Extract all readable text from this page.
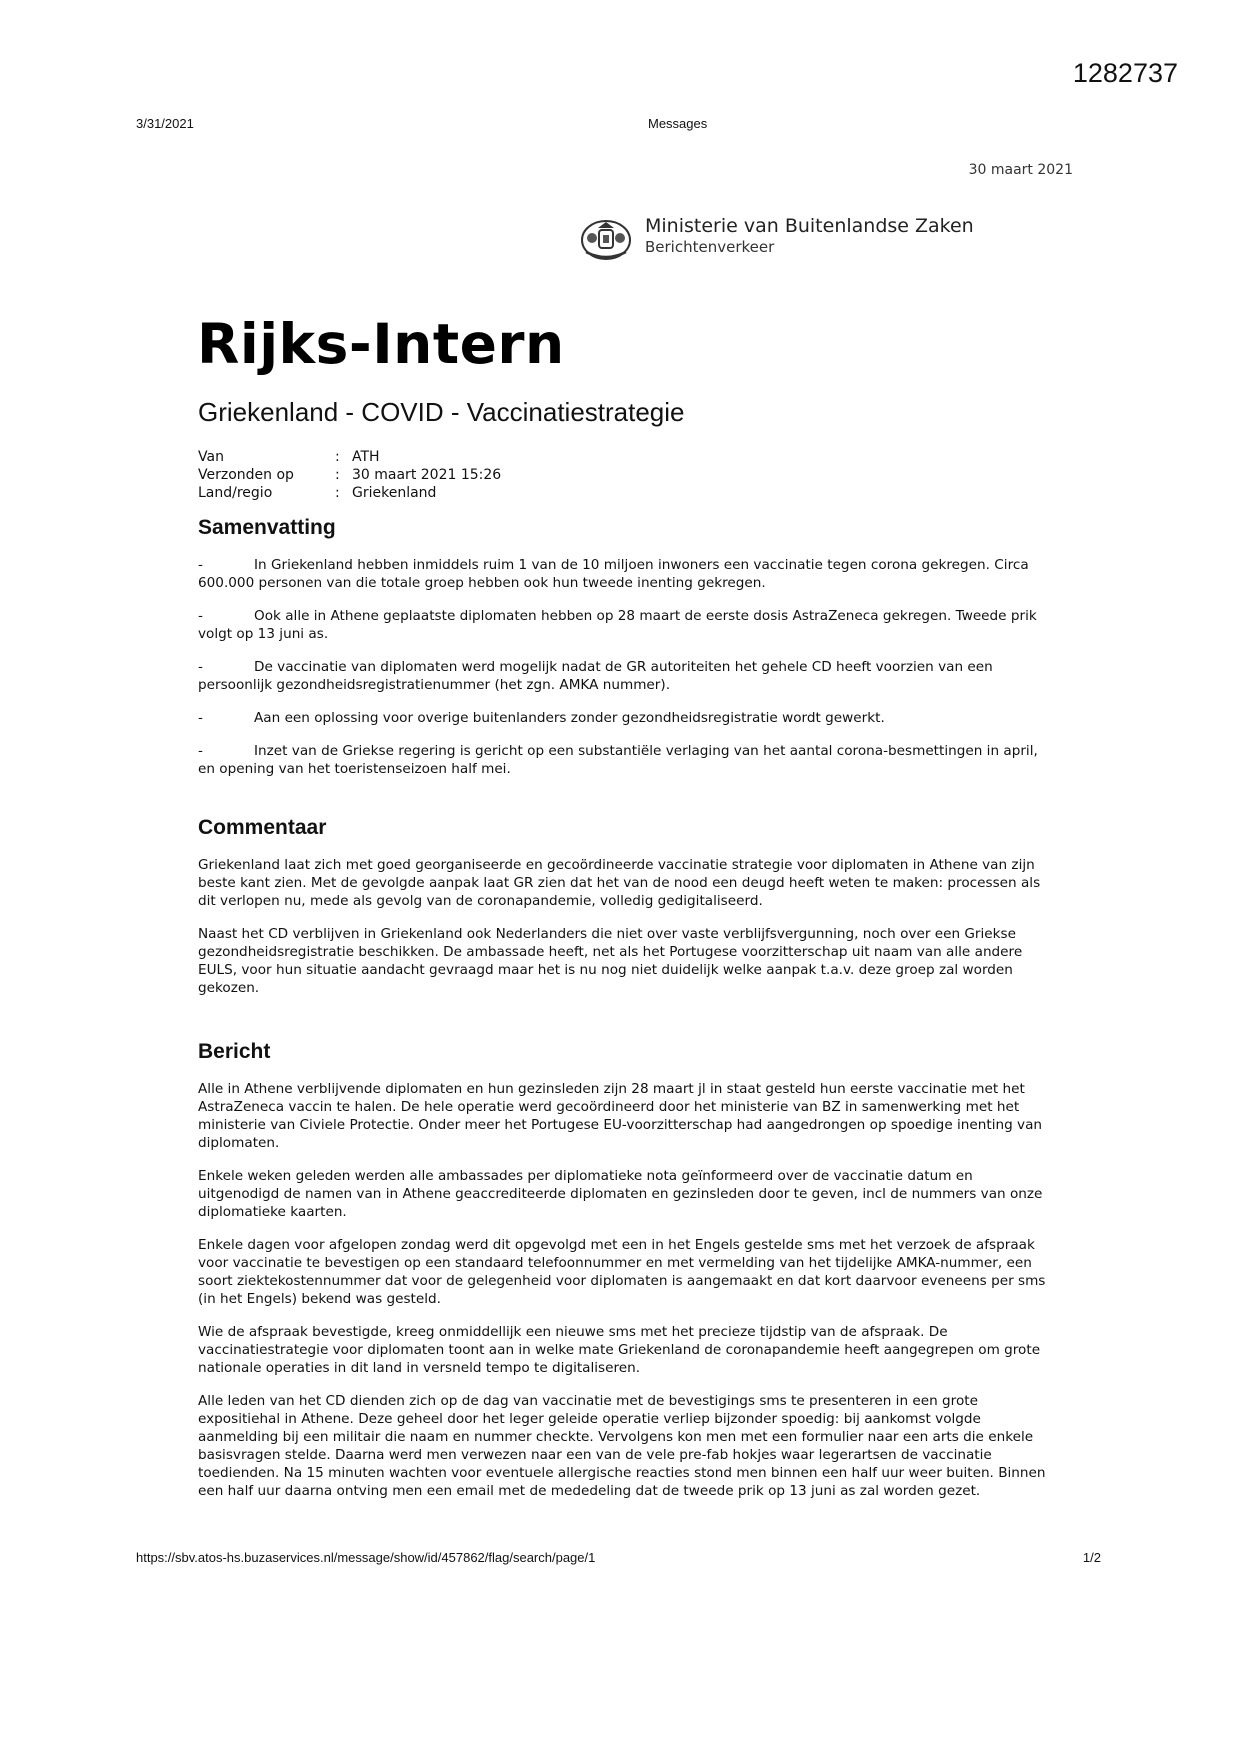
1282737
3/31/2021	Messages
30 maart 2021
Ministerie van Buitenlandse Zaken
Berichtenverkeer
Rijks-Intern
Griekenland - COVID - Vaccinatiestrategie
Van	: ATH
Verzonden op	: 30 maart 2021 15:26
Land/regio	: Griekenland
Samenvatting

-	In Griekenland hebben inmiddels ruim 1 van de 10 miljoen inwoners een vaccinatie tegen corona gekregen. Circa 600.000 personen van die totale groep hebben ook hun tweede inenting gekregen.

-	Ook alle in Athene geplaatste diplomaten hebben op 28 maart de eerste dosis AstraZeneca gekregen. Tweede prik volgt op 13 juni as.

-	De vaccinatie van diplomaten werd mogelijk nadat de GR autoriteiten het gehele CD heeft voorzien van een persoonlijk gezondheidsregistratienummer (het zgn. AMKA nummer).

-	Aan een oplossing voor overige buitenlanders zonder gezondheidsregistratie wordt gewerkt.

-	Inzet van de Griekse regering is gericht op een substantiële verlaging van het aantal corona-besmettingen in april, en opening van het toeristenseizoen half mei.

Commentaar

Griekenland laat zich met goed georganiseerde en gecoördineerde vaccinatie strategie voor diplomaten in Athene van zijn beste kant zien. Met de gevolgde aanpak laat GR zien dat het van de nood een deugd heeft weten te maken: processen als dit verlopen nu, mede als gevolg van de coronapandemie, volledig gedigitaliseerd.

Naast het CD verblijven in Griekenland ook Nederlanders die niet over vaste verblijfsvergunning, noch over een Griekse gezondheidsregistratie beschikken. De ambassade heeft, net als het Portugese voorzitterschap uit naam van alle andere EULS, voor hun situatie aandacht gevraagd maar het is nu nog niet duidelijk welke aanpak t.a.v. deze groep zal worden gekozen.

Bericht

Alle in Athene verblijvende diplomaten en hun gezinsleden zijn 28 maart jl in staat gesteld hun eerste vaccinatie met het AstraZeneca vaccin te halen. De hele operatie werd gecoördineerd door het ministerie van BZ in samenwerking met het ministerie van Civiele Protectie. Onder meer het Portugese EU-voorzitterschap had aangedrongen op spoedige inenting van diplomaten.

Enkele weken geleden werden alle ambassades per diplomatieke nota geïnformeerd over de vaccinatie datum en uitgenodigd de namen van in Athene geaccrediteerde diplomaten en gezinsleden door te geven, incl de nummers van onze diplomatieke kaarten.

Enkele dagen voor afgelopen zondag werd dit opgevolgd met een in het Engels gestelde sms met het verzoek de afspraak voor vaccinatie te bevestigen op een standaard telefoonnummer en met vermelding van het tijdelijke AMKA-nummer, een soort ziektekostennummer dat voor de gelegenheid voor diplomaten is aangemaakt en dat kort daarvoor eveneens per sms (in het Engels) bekend was gesteld.

Wie de afspraak bevestigde, kreeg onmiddellijk een nieuwe sms met het precieze tijdstip van de afspraak. De vaccinatiestrategie voor diplomaten toont aan in welke mate Griekenland de coronapandemie heeft aangegrepen om grote nationale operaties in dit land in versneld tempo te digitaliseren.

Alle leden van het CD dienden zich op de dag van vaccinatie met de bevestigings sms te presenteren in een grote expositiehal in Athene. Deze geheel door het leger geleide operatie verliep bijzonder spoedig: bij aankomst volgde aanmelding bij een militair die naam en nummer checkte. Vervolgens kon men met een formulier naar een arts die enkele basisvragen stelde. Daarna werd men verwezen naar een van de vele pre-fab hokjes waar legerartsen de vaccinatie toedienden. Na 15 minuten wachten voor eventuele allergische reacties stond men binnen een half uur weer buiten. Binnen een half uur daarna ontving men een email met de mededeling dat de tweede prik op 13 juni as zal worden gezet.

https://sbv.atos-hs.buzaservices.nl/message/show/id/457862/flag/search/page/1	1/2
